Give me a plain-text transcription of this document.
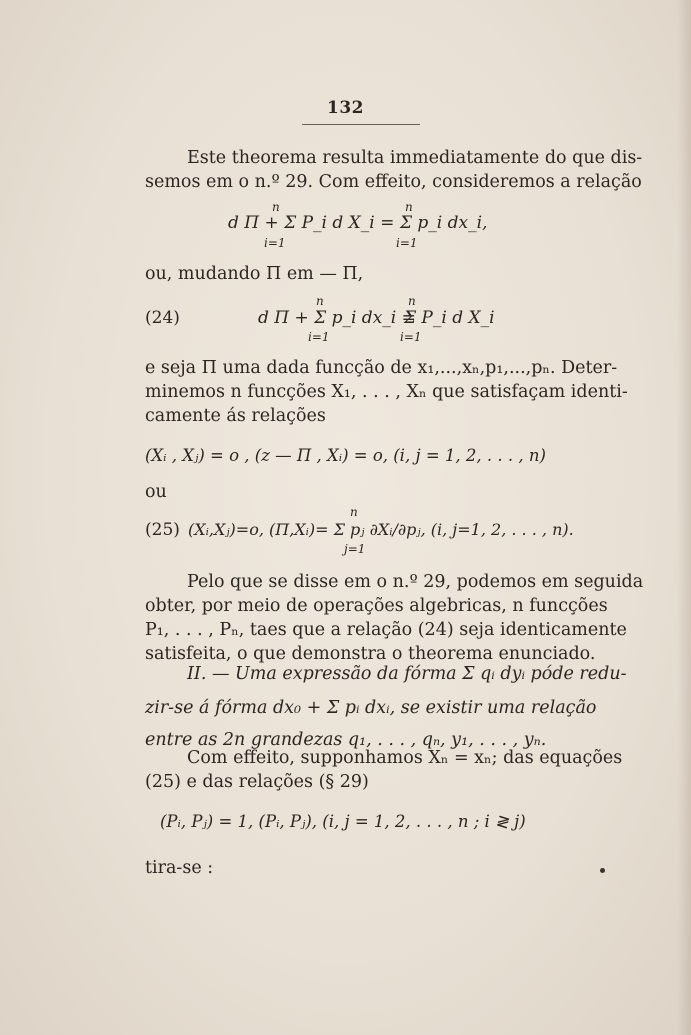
132
Este theorema resulta immediatamente do que dis-
semos em o n.º 29. Com effeito, consideremos a relação
n	n
d Π + Σ P_i d X_i = Σ p_i dx_i,
i=1	i=1
ou, mudando Π em — Π,
n	n
(24)	d Π + Σ p_i dx_i =
Σ P_i d X_i
i=1	i=1
e seja Π uma dada funcção de x₁,...,xₙ,p₁,...,pₙ. Deter-
minemos n funcções X₁, . . . , Xₙ que satisfaçam identi-
camente ás relações
(Xᵢ , Xⱼ) = o , (z — Π , Xᵢ) = o, (i, j = 1, 2, . . . , n)
ou
n
(25) (Xᵢ,Xⱼ)=o, (Π,Xᵢ)= Σ pⱼ ∂Xᵢ/∂pⱼ, (i, j=1, 2, . . . , n).
j=1
Pelo que se disse em o n.º 29, podemos em seguida
obter, por meio de operações algebricas, n funcções
P₁, . . . , Pₙ, taes que a relação (24) seja identicamente
satisfeita, o que demonstra o theorema enunciado.
II. — Uma expressão da fórma Σ qᵢ dyᵢ póde redu-
zir-se á fórma dx₀ + Σ pᵢ dxᵢ, se existir uma relação
entre as 2n grandezas q₁, . . . , qₙ, y₁, . . . , yₙ.
Com effeito, supponhamos Xₙ = xₙ; das equações
(25) e das relações (§ 29)
(Pᵢ, Pⱼ) = 1, (Pᵢ, Pⱼ), (i, j = 1, 2, . . . , n ; i ≷ j)
tira-se :
